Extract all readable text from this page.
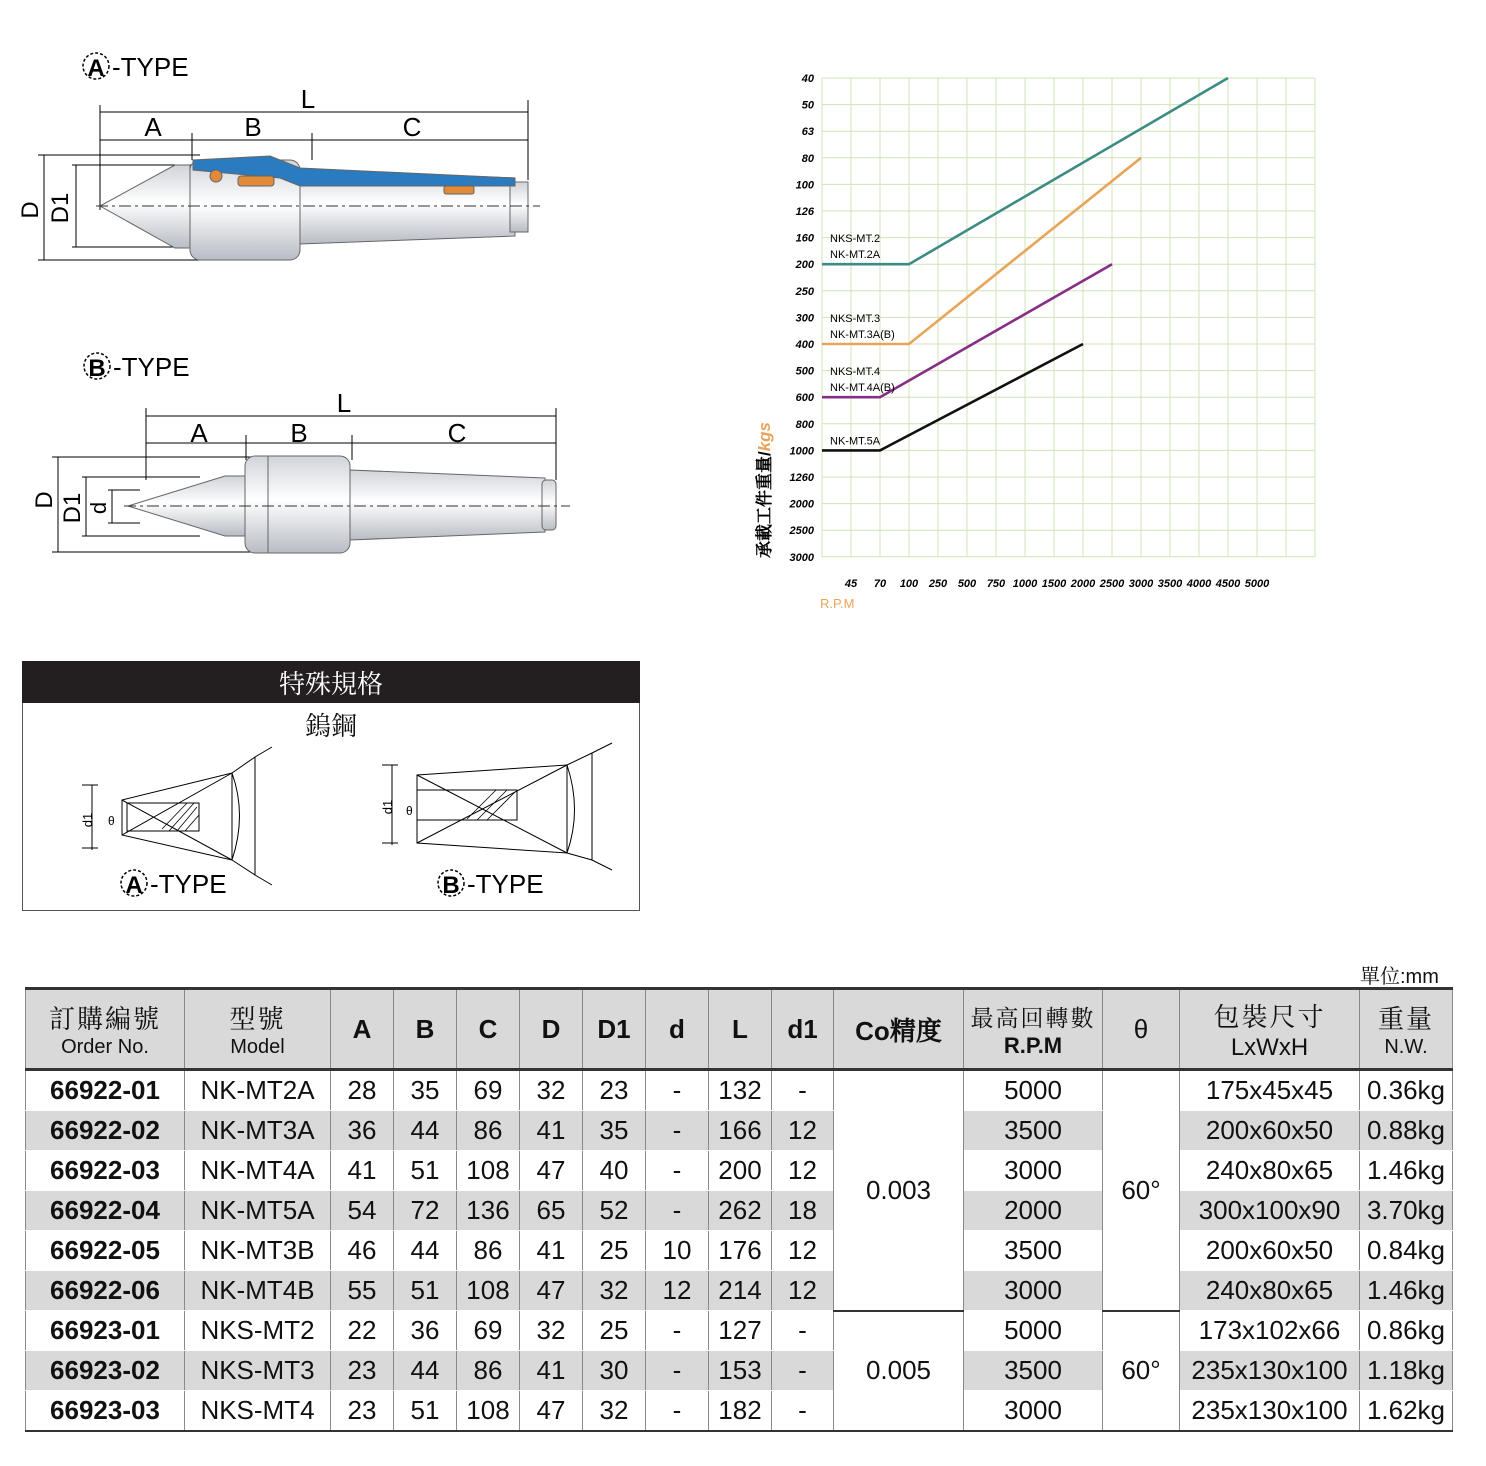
A -TYPE
L
A	B	C
D D1
B -TYPE
L
A	B	C
D D1 d
40
50
63
80
100
126
160
200
250
300
400
500
600
800
1000
1260
2000
2500
3000
45 70 100 250 500 750 1000 1500 2000 2500 3000 3500 4000 4500 5000
NKS-MT.2
NK-MT.2A
NKS-MT.3
NK-MT.3A(B)
NKS-MT.4
NK-MT.4A(B)
NK-MT.5A
承載工件重量/kgs
R.P.M
特殊規格
鎢鋼
d1 θ
d1 θ
A -TYPE	B -TYPE
單位:mm
訂購編號
Order No.	型號
Model	A	B	C	D	D1	d	L	d1	Co精度	最高回轉數
R.P.M	θ	包裝尺寸
LxWxH	重量
N.W.

66922-01	NK-MT2A	28	35	69	32	23	-	132	-	0.003	5000	60°	175x45x45	0.36kg
66922-02	NK-MT3A	36	44	86	41	35	-	166	12		3500		200x60x50	0.88kg
66922-03	NK-MT4A	41	51	108	47	40	-	200	12		3000		240x80x65	1.46kg
66922-04	NK-MT5A	54	72	136	65	52	-	262	18		2000		300x100x90	3.70kg
66922-05	NK-MT3B	46	44	86	41	25	10	176	12		3500		200x60x50	0.84kg
66922-06	NK-MT4B	55	51	108	47	32	12	214	12		3000		240x80x65	1.46kg
66923-01	NKS-MT2	22	36	69	32	25	-	127	-	0.005	5000	60°	173x102x66	0.86kg
66923-02	NKS-MT3	23	44	86	41	30	-	153	-		3500		235x130x100	1.18kg
66923-03	NKS-MT4	23	51	108	47	32	-	182	-		3000		235x130x100	1.62kg
